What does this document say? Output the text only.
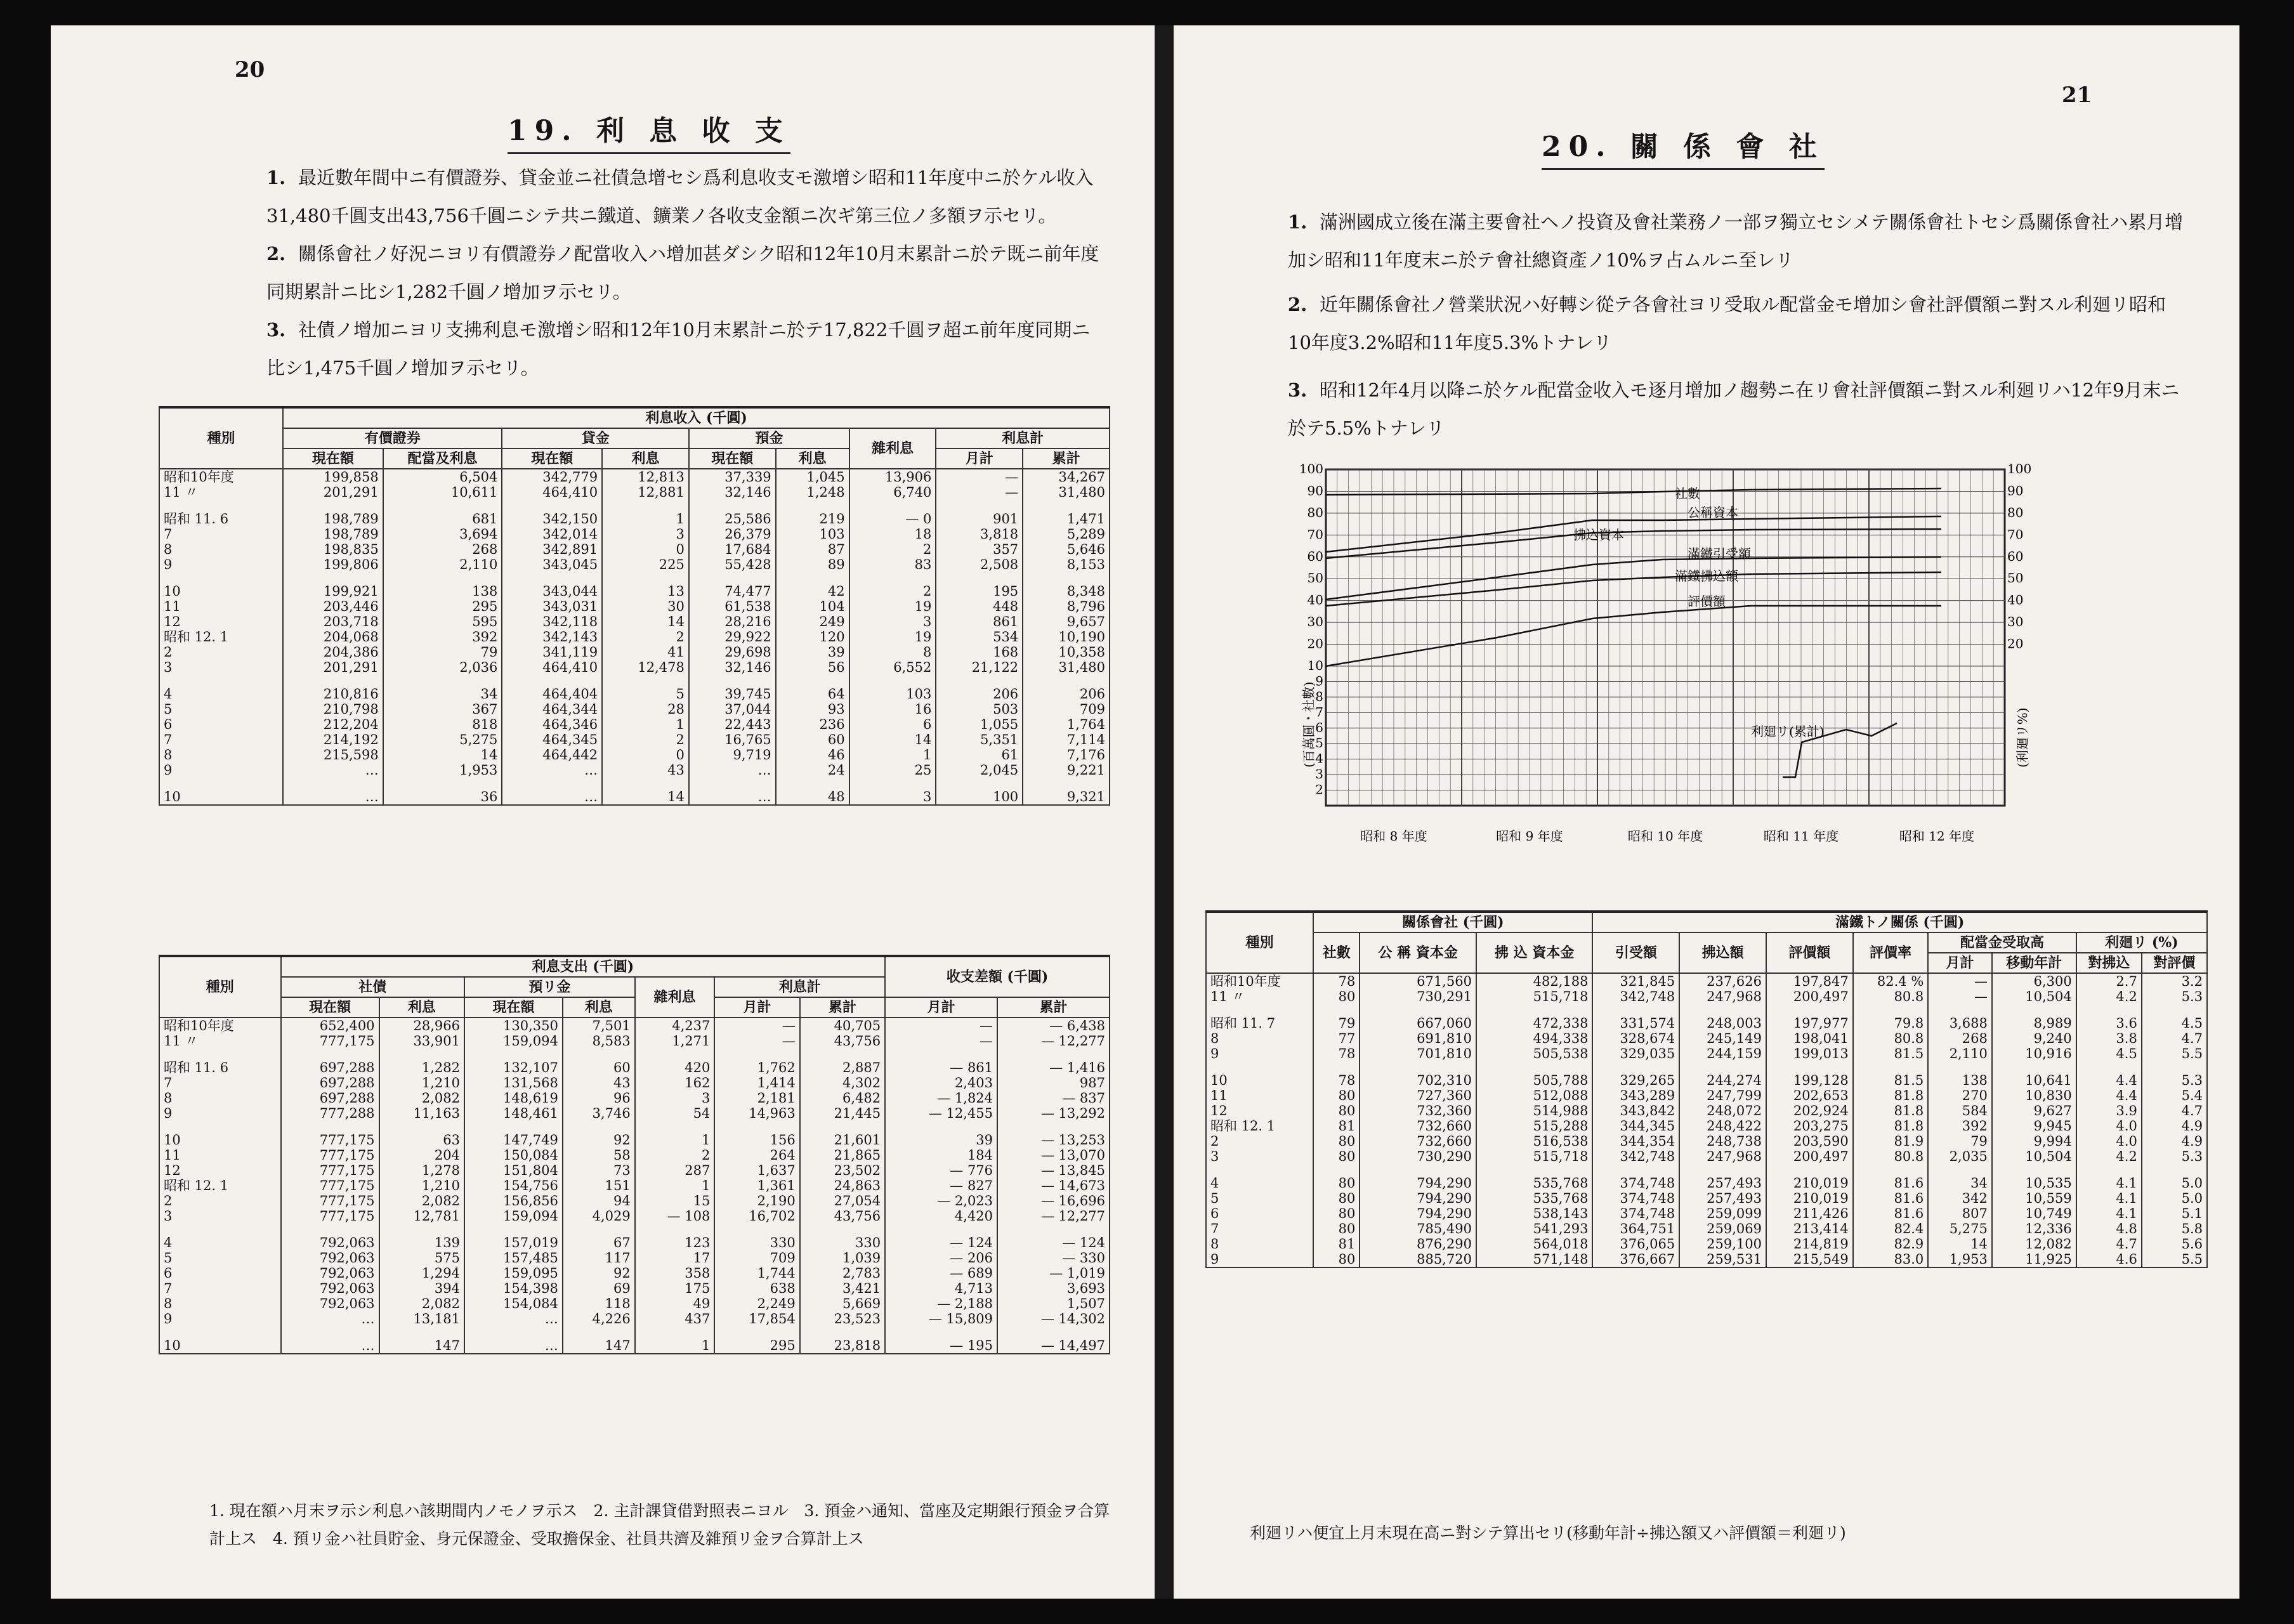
20
19. 利 息 收 支
1. 最近數年間中ニ有價證券、貸金並ニ社債急增セシ爲利息收支モ激增シ昭和11年度中ニ於ケル收入31,480千圓支出43,756千圓ニシテ共ニ鐵道、鑛業ノ各收支金額ニ次ギ第三位ノ多額ヲ示セリ。
2. 關係會社ノ好況ニヨリ有價證券ノ配當收入ハ增加甚ダシク昭和12年10月末累計ニ於テ既ニ前年度同期累計ニ比シ1,282千圓ノ增加ヲ示セリ。
3. 社債ノ增加ニヨリ支拂利息モ激增シ昭和12年10月末累計ニ於テ17,822千圓ヲ超エ前年度同期ニ比シ1,475千圓ノ增加ヲ示セリ。
種別	利息收入 (千圓)								
	有價證券		貸金		預金		雜利息	利息計	
	現在額	配當及利息	現在額	利息	現在額	利息		月計	累計
昭和10年度	199,858	6,504	342,779	12,813	37,339	1,045	13,906	—	34,267
11 〃	201,291	10,611	464,410	12,881	32,146	1,248	6,740	—	31,480
昭和 11. 6	198,789	681	342,150	1	25,586	219	— 0	901	1,471
7	198,789	3,694	342,014	3	26,379	103	18	3,818	5,289
8	198,835	268	342,891	0	17,684	87	2	357	5,646
9	199,806	2,110	343,045	225	55,428	89	83	2,508	8,153
10	199,921	138	343,044	13	74,477	42	2	195	8,348
11	203,446	295	343,031	30	61,538	104	19	448	8,796
12	203,718	595	342,118	14	28,216	249	3	861	9,657
昭和 12. 1	204,068	392	342,143	2	29,922	120	19	534	10,190
2	204,386	79	341,119	41	29,698	39	8	168	10,358
3	201,291	2,036	464,410	12,478	32,146	56	6,552	21,122	31,480
4	210,816	34	464,404	5	39,745	64	103	206	206
5	210,798	367	464,344	28	37,044	93	16	503	709
6	212,204	818	464,346	1	22,443	236	6	1,055	1,764
7	214,192	5,275	464,345	2	16,765	60	14	5,351	7,114
8	215,598	14	464,442	0	9,719	46	1	61	7,176
9	…	1,953	…	43	…	24	25	2,045	9,221
10	…	36	…	14	…	48	3	100	9,321
種別	利息支出 (千圓)							收支差額 (千圓)	
	社債		預リ金		雜利息	利息計			
	現在額	利息	現在額	利息		月計	累計	月計	累計
昭和10年度	652,400	28,966	130,350	7,501	4,237	—	40,705	—	— 6,438
11 〃	777,175	33,901	159,094	8,583	1,271	—	43,756	—	— 12,277
昭和 11. 6	697,288	1,282	132,107	60	420	1,762	2,887	— 861	— 1,416
7	697,288	1,210	131,568	43	162	1,414	4,302	2,403	987
8	697,288	2,082	148,619	96	3	2,181	6,482	— 1,824	— 837
9	777,288	11,163	148,461	3,746	54	14,963	21,445	— 12,455	— 13,292
10	777,175	63	147,749	92	1	156	21,601	39	— 13,253
11	777,175	204	150,084	58	2	264	21,865	184	— 13,070
12	777,175	1,278	151,804	73	287	1,637	23,502	— 776	— 13,845
昭和 12. 1	777,175	1,210	154,756	151	1	1,361	24,863	— 827	— 14,673
2	777,175	2,082	156,856	94	15	2,190	27,054	— 2,023	— 16,696
3	777,175	12,781	159,094	4,029	— 108	16,702	43,756	4,420	— 12,277
4	792,063	139	157,019	67	123	330	330	— 124	— 124
5	792,063	575	157,485	117	17	709	1,039	— 206	— 330
6	792,063	1,294	159,095	92	358	1,744	2,783	— 689	— 1,019
7	792,063	394	154,398	69	175	638	3,421	4,713	3,693
8	792,063	2,082	154,084	118	49	2,249	5,669	— 2,188	1,507
9	…	13,181	…	4,226	437	17,854	23,523	— 15,809	— 14,302
10	…	147	…	147	1	295	23,818	— 195	— 14,497
1. 現在額ハ月末ヲ示シ利息ハ該期間内ノモノヲ示ス　2. 主計課貸借對照表ニヨル　3. 預金ハ通知、當座及定期銀行預金ヲ合算計上ス　4. 預リ金ハ社員貯金、身元保證金、受取擔保金、社員共濟及雜預リ金ヲ合算計上ス
21
20. 關 係 會 社
1. 滿洲國成立後在滿主要會社ヘノ投資及會社業務ノ一部ヲ獨立セシメテ關係會社トセシ爲關係會社ハ累月增加シ昭和11年度末ニ於テ會社總資產ノ10%ヲ占ムルニ至レリ
2. 近年關係會社ノ營業狀況ハ好轉シ從テ各會社ヨリ受取ル配當金モ增加シ會社評價額ニ對スル利廻リ昭和10年度3.2%昭和11年度5.3%トナレリ
3. 昭和12年4月以降ニ於ケル配當金收入モ逐月增加ノ趨勢ニ在リ會社評價額ニ對スル利廻リハ12年9月末ニ於テ5.5%トナレリ
100	100
90	90
80	80
70	70
60	60
50	50
40	40
30	30
20	20
10
9
8
7
6
5
4
3
2
社數
公稱資本
拂込資本
滿鐵引受額
滿鐵拂込額
評價額
利廻リ(累計)
昭和 8 年度	昭和 9 年度	昭和 10 年度	昭和 11 年度	昭和 12 年度
(百萬圓・社數)	(利廻リ%)
種別	關係會社 (千圓)			滿鐵トノ關係 (千圓)							
	社數	公 稱 資本金	拂 込 資本金	引受額	拂込額	評價額	評價率	配當金受取高		利廻リ (%)	
								月計	移動年計	對拂込	對評價
昭和10年度	78	671,560	482,188	321,845	237,626	197,847	82.4 %	—	6,300	2.7	3.2
11 〃	80	730,291	515,718	342,748	247,968	200,497	80.8	—	10,504	4.2	5.3
昭和 11. 7	79	667,060	472,338	331,574	248,003	197,977	79.8	3,688	8,989	3.6	4.5
8	77	691,810	494,338	328,674	245,149	198,041	80.8	268	9,240	3.8	4.7
9	78	701,810	505,538	329,035	244,159	199,013	81.5	2,110	10,916	4.5	5.5
10	78	702,310	505,788	329,265	244,274	199,128	81.5	138	10,641	4.4	5.3
11	80	727,360	512,088	343,289	247,799	202,653	81.8	270	10,830	4.4	5.4
12	80	732,360	514,988	343,842	248,072	202,924	81.8	584	9,627	3.9	4.7
昭和 12. 1	81	732,660	515,288	344,345	248,422	203,275	81.8	392	9,945	4.0	4.9
2	80	732,660	516,538	344,354	248,738	203,590	81.9	79	9,994	4.0	4.9
3	80	730,290	515,718	342,748	247,968	200,497	80.8	2,035	10,504	4.2	5.3
4	80	794,290	535,768	374,748	257,493	210,019	81.6	34	10,535	4.1	5.0
5	80	794,290	535,768	374,748	257,493	210,019	81.6	342	10,559	4.1	5.0
6	80	794,290	538,143	374,748	259,099	211,426	81.6	807	10,749	4.1	5.1
7	80	785,490	541,293	364,751	259,069	213,414	82.4	5,275	12,336	4.8	5.8
8	81	876,290	564,018	376,065	259,100	214,819	82.9	14	12,082	4.7	5.6
9	80	885,720	571,148	376,667	259,531	215,549	83.0	1,953	11,925	4.6	5.5
利廻リハ便宜上月末現在高ニ對シテ算出セリ(移動年計÷拂込額又ハ評價額＝利廻リ)
